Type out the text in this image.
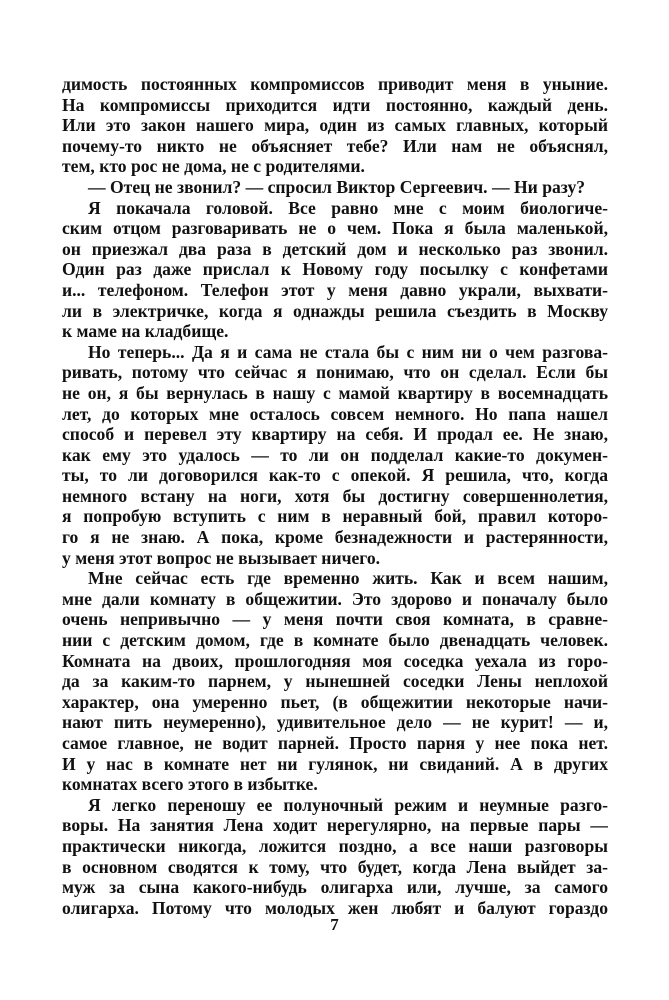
димость постоянных компромиссов приводит меня в уныние.
На компромиссы приходится идти постоянно, каждый день.
Или это закон нашего мира, один из самых главных, который
почему-то никто не объясняет тебе? Или нам не объяснял,
тем, кто рос не дома, не с родителями.
— Отец не звонил? — спросил Виктор Сергеевич. — Ни разу?
Я покачала головой. Все равно мне с моим биологиче-
ским отцом разговаривать не о чем. Пока я была маленькой,
он приезжал два раза в детский дом и несколько раз звонил.
Один раз даже прислал к Новому году посылку с конфетами
и... телефоном. Телефон этот у меня давно украли, выхвати-
ли в электричке, когда я однажды решила съездить в Москву
к маме на кладбище.
Но теперь... Да я и сама не стала бы с ним ни о чем разгова-
ривать, потому что сейчас я понимаю, что он сделал. Если бы
не он, я бы вернулась в нашу с мамой квартиру в восемнадцать
лет, до которых мне осталось совсем немного. Но папа нашел
способ и перевел эту квартиру на себя. И продал ее. Не знаю,
как ему это удалось — то ли он подделал какие-то докумен-
ты, то ли договорился как-то с опекой. Я решила, что, когда
немного встану на ноги, хотя бы достигну совершеннолетия,
я попробую вступить с ним в неравный бой, правил которо-
го я не знаю. А пока, кроме безнадежности и растерянности,
у меня этот вопрос не вызывает ничего.
Мне сейчас есть где временно жить. Как и всем нашим,
мне дали комнату в общежитии. Это здорово и поначалу было
очень непривычно — у меня почти своя комната, в сравне-
нии с детским домом, где в комнате было двенадцать человек.
Комната на двоих, прошлогодняя моя соседка уехала из горо-
да за каким-то парнем, у нынешней соседки Лены неплохой
характер, она умеренно пьет, (в общежитии некоторые начи-
нают пить неумеренно), удивительное дело — не курит! — и,
самое главное, не водит парней. Просто парня у нее пока нет.
И у нас в комнате нет ни гулянок, ни свиданий. А в других
комнатах всего этого в избытке.
Я легко переношу ее полуночный режим и неумные разго-
воры. На занятия Лена ходит нерегулярно, на первые пары —
практически никогда, ложится поздно, а все наши разговоры
в основном сводятся к тому, что будет, когда Лена выйдет за-
муж за сына какого-нибудь олигарха или, лучше, за самого
олигарха. Потому что молодых жен любят и балуют гораздо
7
